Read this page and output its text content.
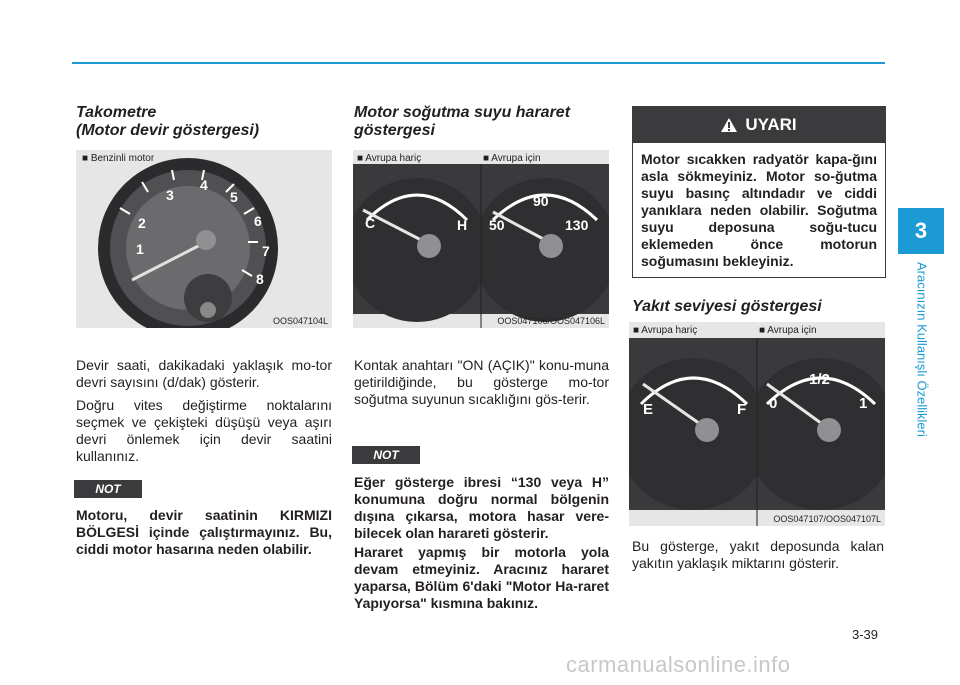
Takometre
(Motor devir göstergesi)
■ Benzinli motor
1
2
3
4
5
6
7
8
OOS047104L

Devir saati, dakikadaki yaklaşık mo-tor devri sayısını (d/dak) gösterir.

Doğru vites değiştirme noktalarını seçmek ve çekişteki düşüşü veya aşırı devri önlemek için devir saatini kullanınız.

NOT

Motoru, devir saatinin KIRMIZI BÖLGESİ içinde çalıştırmayınız. Bu, ciddi motor hasarına neden olabilir.

Motor soğutma suyu hararet
göstergesi
■ Avrupa hariç	■ Avrupa için
C	H 50
90
130
OOS047106/OOS047106L

Kontak anahtarı "ON (AÇIK)" konu-muna getirildiğinde, bu gösterge mo-tor soğutma suyunun sıcaklığını gös-terir.

NOT

Eğer gösterge ibresi “130 veya H” konumuna doğru normal bölgenin dışına çıkarsa, motora hasar vere-bilecek olan harareti gösterir.

Hararet yapmış bir motorla yola devam etmeyiniz. Aracınız hararet yaparsa, Bölüm 6'daki "Motor Ha-raret Yapıyorsa" kısmına bakınız.

UYARI
Motor sıcakken radyatör kapa-ğını asla sökmeyiniz. Motor so-ğutma suyu basınç altındadır ve ciddi yanıklara neden olabilir. Soğutma suyu deposuna soğu-tucu eklemeden önce motorun soğumasını bekleyiniz.
Yakıt seviyesi göstergesi
■ Avrupa hariç	■ Avrupa için
E	F 0
1/2
1
OOS047107/OOS047107L

Bu gösterge, yakıt deposunda kalan yakıtın yaklaşık miktarını gösterir.

3
Aracınızın Kullanışlı Özellikleri
3-39
carmanualsonline.info
